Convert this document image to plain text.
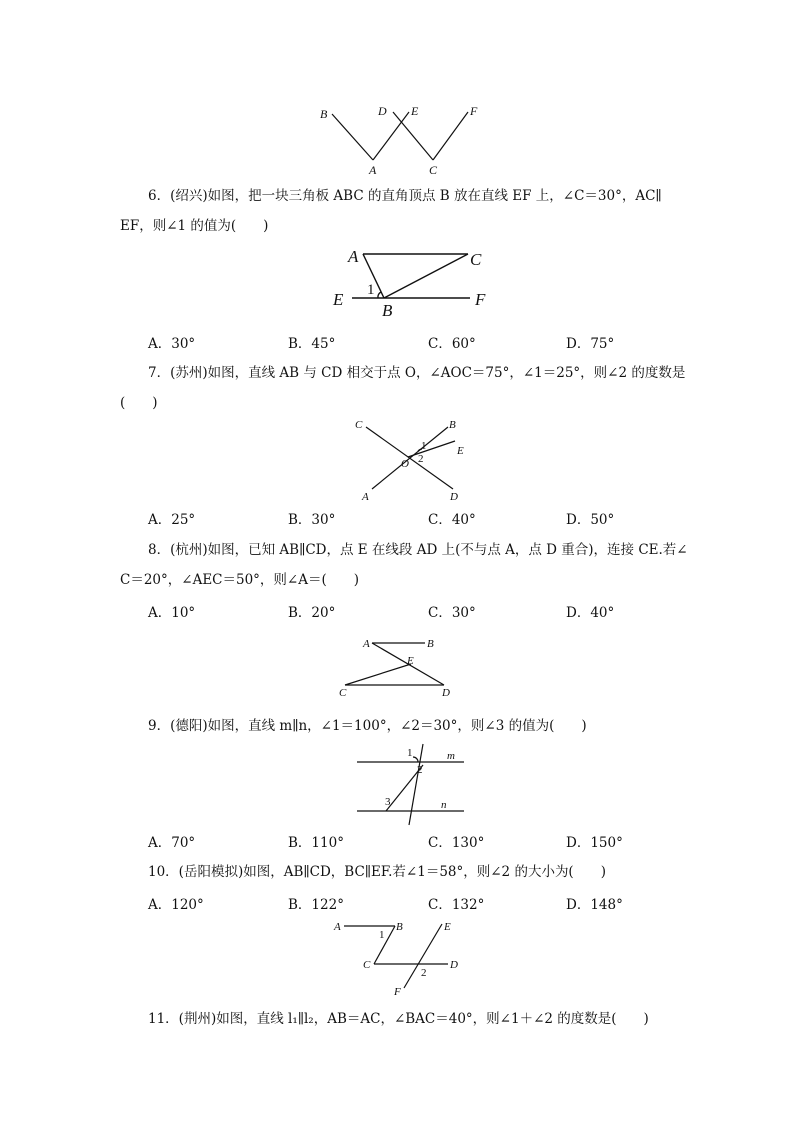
B	D E	F
A	C
6．(绍兴)如图，把一块三角板 ABC 的直角顶点 B 放在直线 EF 上，∠C＝30°，AC∥
EF，则∠1 的值为(　　)
A	C
E	F
B
1
A．30°	B．45°	C．60°	D．75°
7．(苏州)如图，直线 AB 与 CD 相交于点 O，∠AOC＝75°，∠1＝25°，则∠2 的度数是
(　　)
C	B
E
O
A	D
1
2
A．25°	B．30°	C．40°	D．50°
8．(杭州)如图，已知 AB∥CD，点 E 在线段 AD 上(不与点 A，点 D 重合)，连接 CE.若∠
C＝20°，∠AEC＝50°，则∠A＝(　　)
A．10°	B．20°	C．30°	D．40°
A	B
E
C	D
9．(德阳)如图，直线 m∥n，∠1＝100°，∠2＝30°，则∠3 的值为(　　)
1
2
3
m
n
A．70°	B．110°	C．130°	D．150°
10．(岳阳模拟)如图，AB∥CD，BC∥EF.若∠1＝58°，则∠2 的大小为(　　)
A．120°	B．122°	C．132°	D．148°
A	B	E
C	D
F
1
2
11．(荆州)如图，直线 l₁∥l₂，AB＝AC，∠BAC＝40°，则∠1＋∠2 的度数是(　　)
